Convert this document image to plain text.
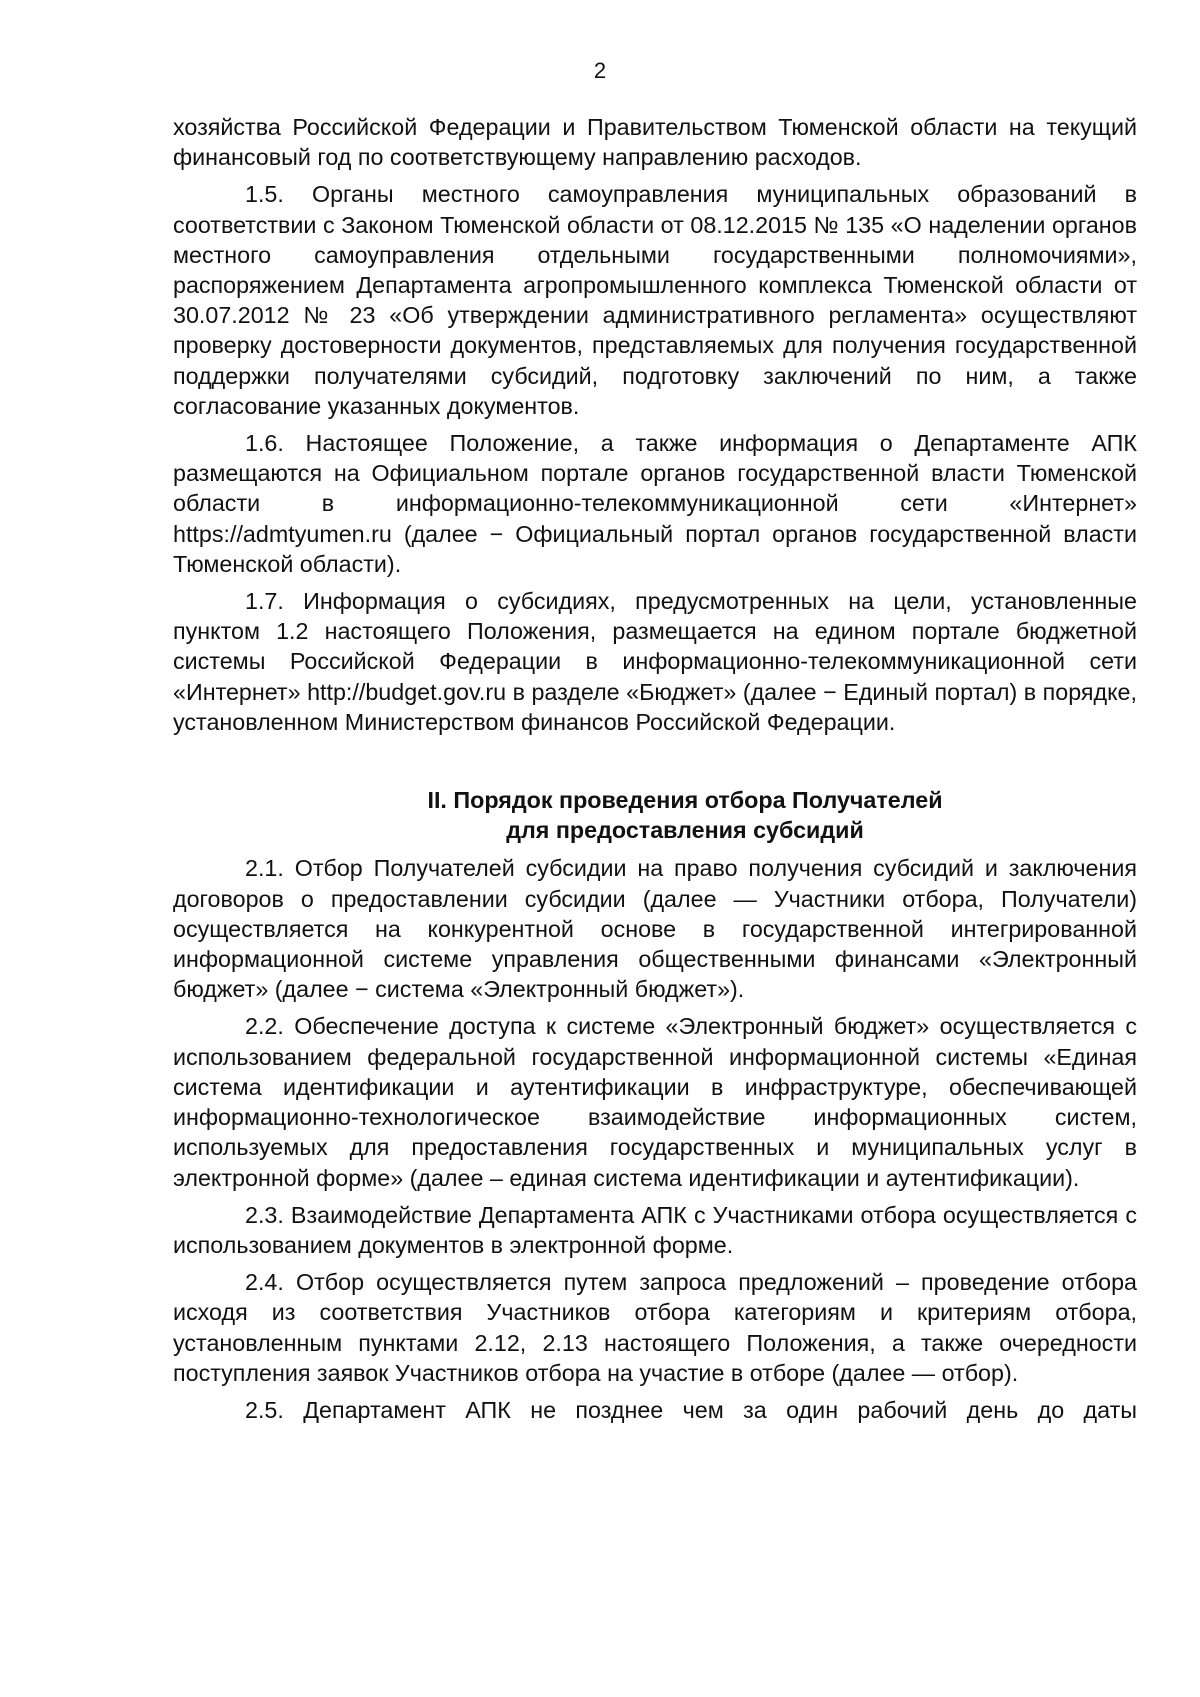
2

хозяйства Российской Федерации и Правительством Тюменской области на текущий финансовый год по соответствующему направлению расходов.

1.5. Органы местного самоуправления муниципальных образований в соответствии с Законом Тюменской области от 08.12.2015 № 135 «О наделении органов местного самоуправления отдельными государственными полномочиями», распоряжением Департамента агропромышленного комплекса Тюменской области от 30.07.2012 № 23 «Об утверждении административного регламента» осуществляют проверку достоверности документов, представляемых для получения государственной поддержки получателями субсидий, подготовку заключений по ним, а также согласование указанных документов.

1.6. Настоящее Положение, а также информация о Департаменте АПК размещаются на Официальном портале органов государственной власти Тюменской области в информационно-телекоммуникационной сети «Интернет» https://admtyumen.ru (далее − Официальный портал органов государственной власти Тюменской области).

1.7. Информация о субсидиях, предусмотренных на цели, установленные пунктом 1.2 настоящего Положения, размещается на едином портале бюджетной системы Российской Федерации в информационно-телекоммуникационной сети «Интернет» http://budget.gov.ru в разделе «Бюджет» (далее − Единый портал) в порядке, установленном Министерством финансов Российской Федерации.

II. Порядок проведения отбора Получателей
для предоставления субсидий

2.1. Отбор Получателей субсидии на право получения субсидий и заключения договоров о предоставлении субсидии (далее — Участники отбора, Получатели) осуществляется на конкурентной основе в государственной интегрированной информационной системе управления общественными финансами «Электронный бюджет» (далее − система «Электронный бюджет»).

2.2. Обеспечение доступа к системе «Электронный бюджет» осуществляется с использованием федеральной государственной информационной системы «Единая система идентификации и аутентификации в инфраструктуре, обеспечивающей информационно-технологическое взаимодействие информационных систем, используемых для предоставления государственных и муниципальных услуг в электронной форме» (далее – единая система идентификации и аутентификации).

2.3. Взаимодействие Департамента АПК с Участниками отбора осуществляется с использованием документов в электронной форме.

2.4. Отбор осуществляется путем запроса предложений – проведение отбора исходя из соответствия Участников отбора категориям и критериям отбора, установленным пунктами 2.12, 2.13 настоящего Положения, а также очередности поступления заявок Участников отбора на участие в отборе (далее — отбор).

2.5. Департамент АПК не позднее чем за один рабочий день до даты
